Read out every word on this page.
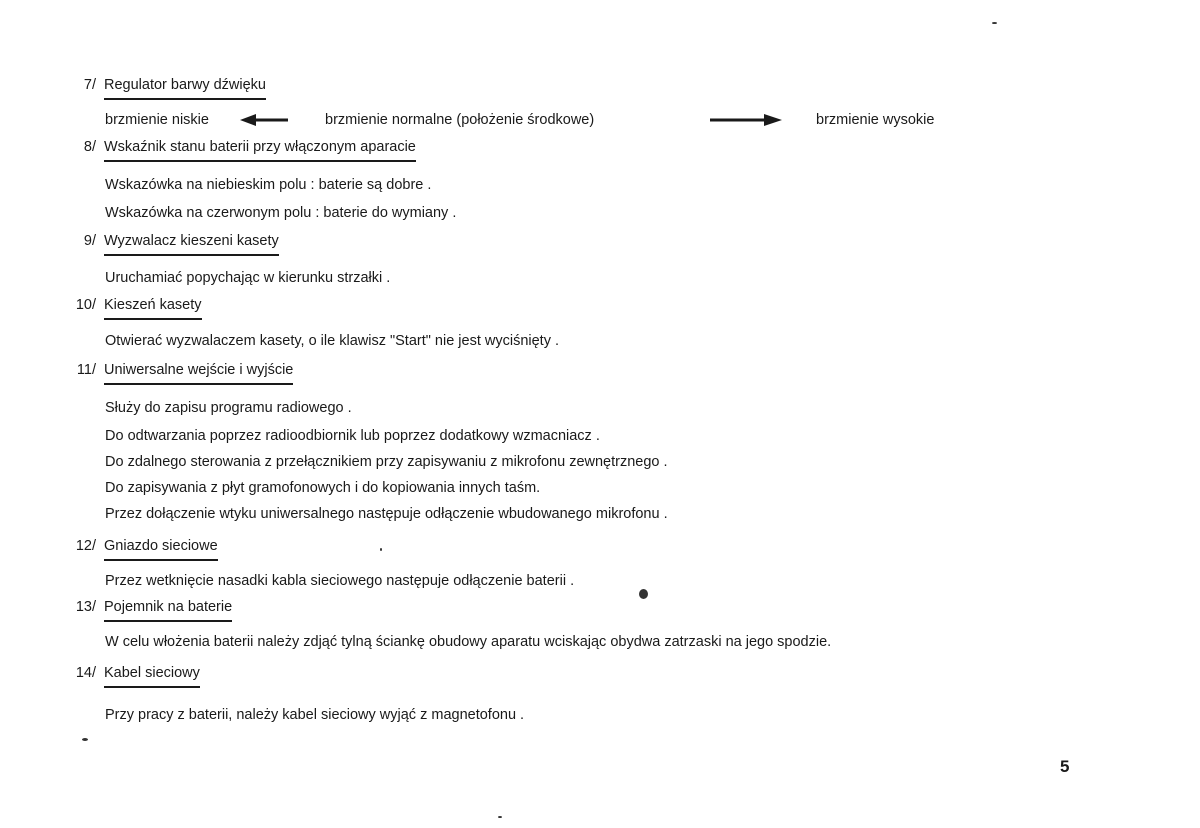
7/ Regulator barwy dźwięku
brzmienie niskie	brzmienie normalne (położenie środkowe)	brzmienie wysokie
8/ Wskaźnik stanu baterii przy włączonym aparacie
Wskazówka na niebieskim polu : baterie są dobre .
Wskazówka na czerwonym polu : baterie do wymiany .
9/ Wyzwalacz kieszeni kasety
Uruchamiać popychając w kierunku strzałki .
10/ Kieszeń kasety
Otwierać wyzwalaczem kasety, o ile klawisz "Start" nie jest wyciśnięty .
11/ Uniwersalne wejście i wyjście
Służy do zapisu programu radiowego .
Do odtwarzania poprzez radioodbiornik lub poprzez dodatkowy wzmacniacz .
Do zdalnego sterowania z przełącznikiem przy zapisywaniu z mikrofonu zewnętrznego .
Do zapisywania z płyt gramofonowych i do kopiowania innych taśm.
Przez dołączenie wtyku uniwersalnego następuje odłączenie wbudowanego mikrofonu .
12/ Gniazdo sieciowe
Przez wetknięcie nasadki kabla sieciowego następuje odłączenie baterii .
13/ Pojemnik na baterie
W celu włożenia baterii należy zdjąć tylną ściankę obudowy aparatu wciskając obydwa zatrzaski na jego spodzie.
14/ Kabel sieciowy
Przy pracy z baterii, należy kabel sieciowy wyjąć z magnetofonu .
5
